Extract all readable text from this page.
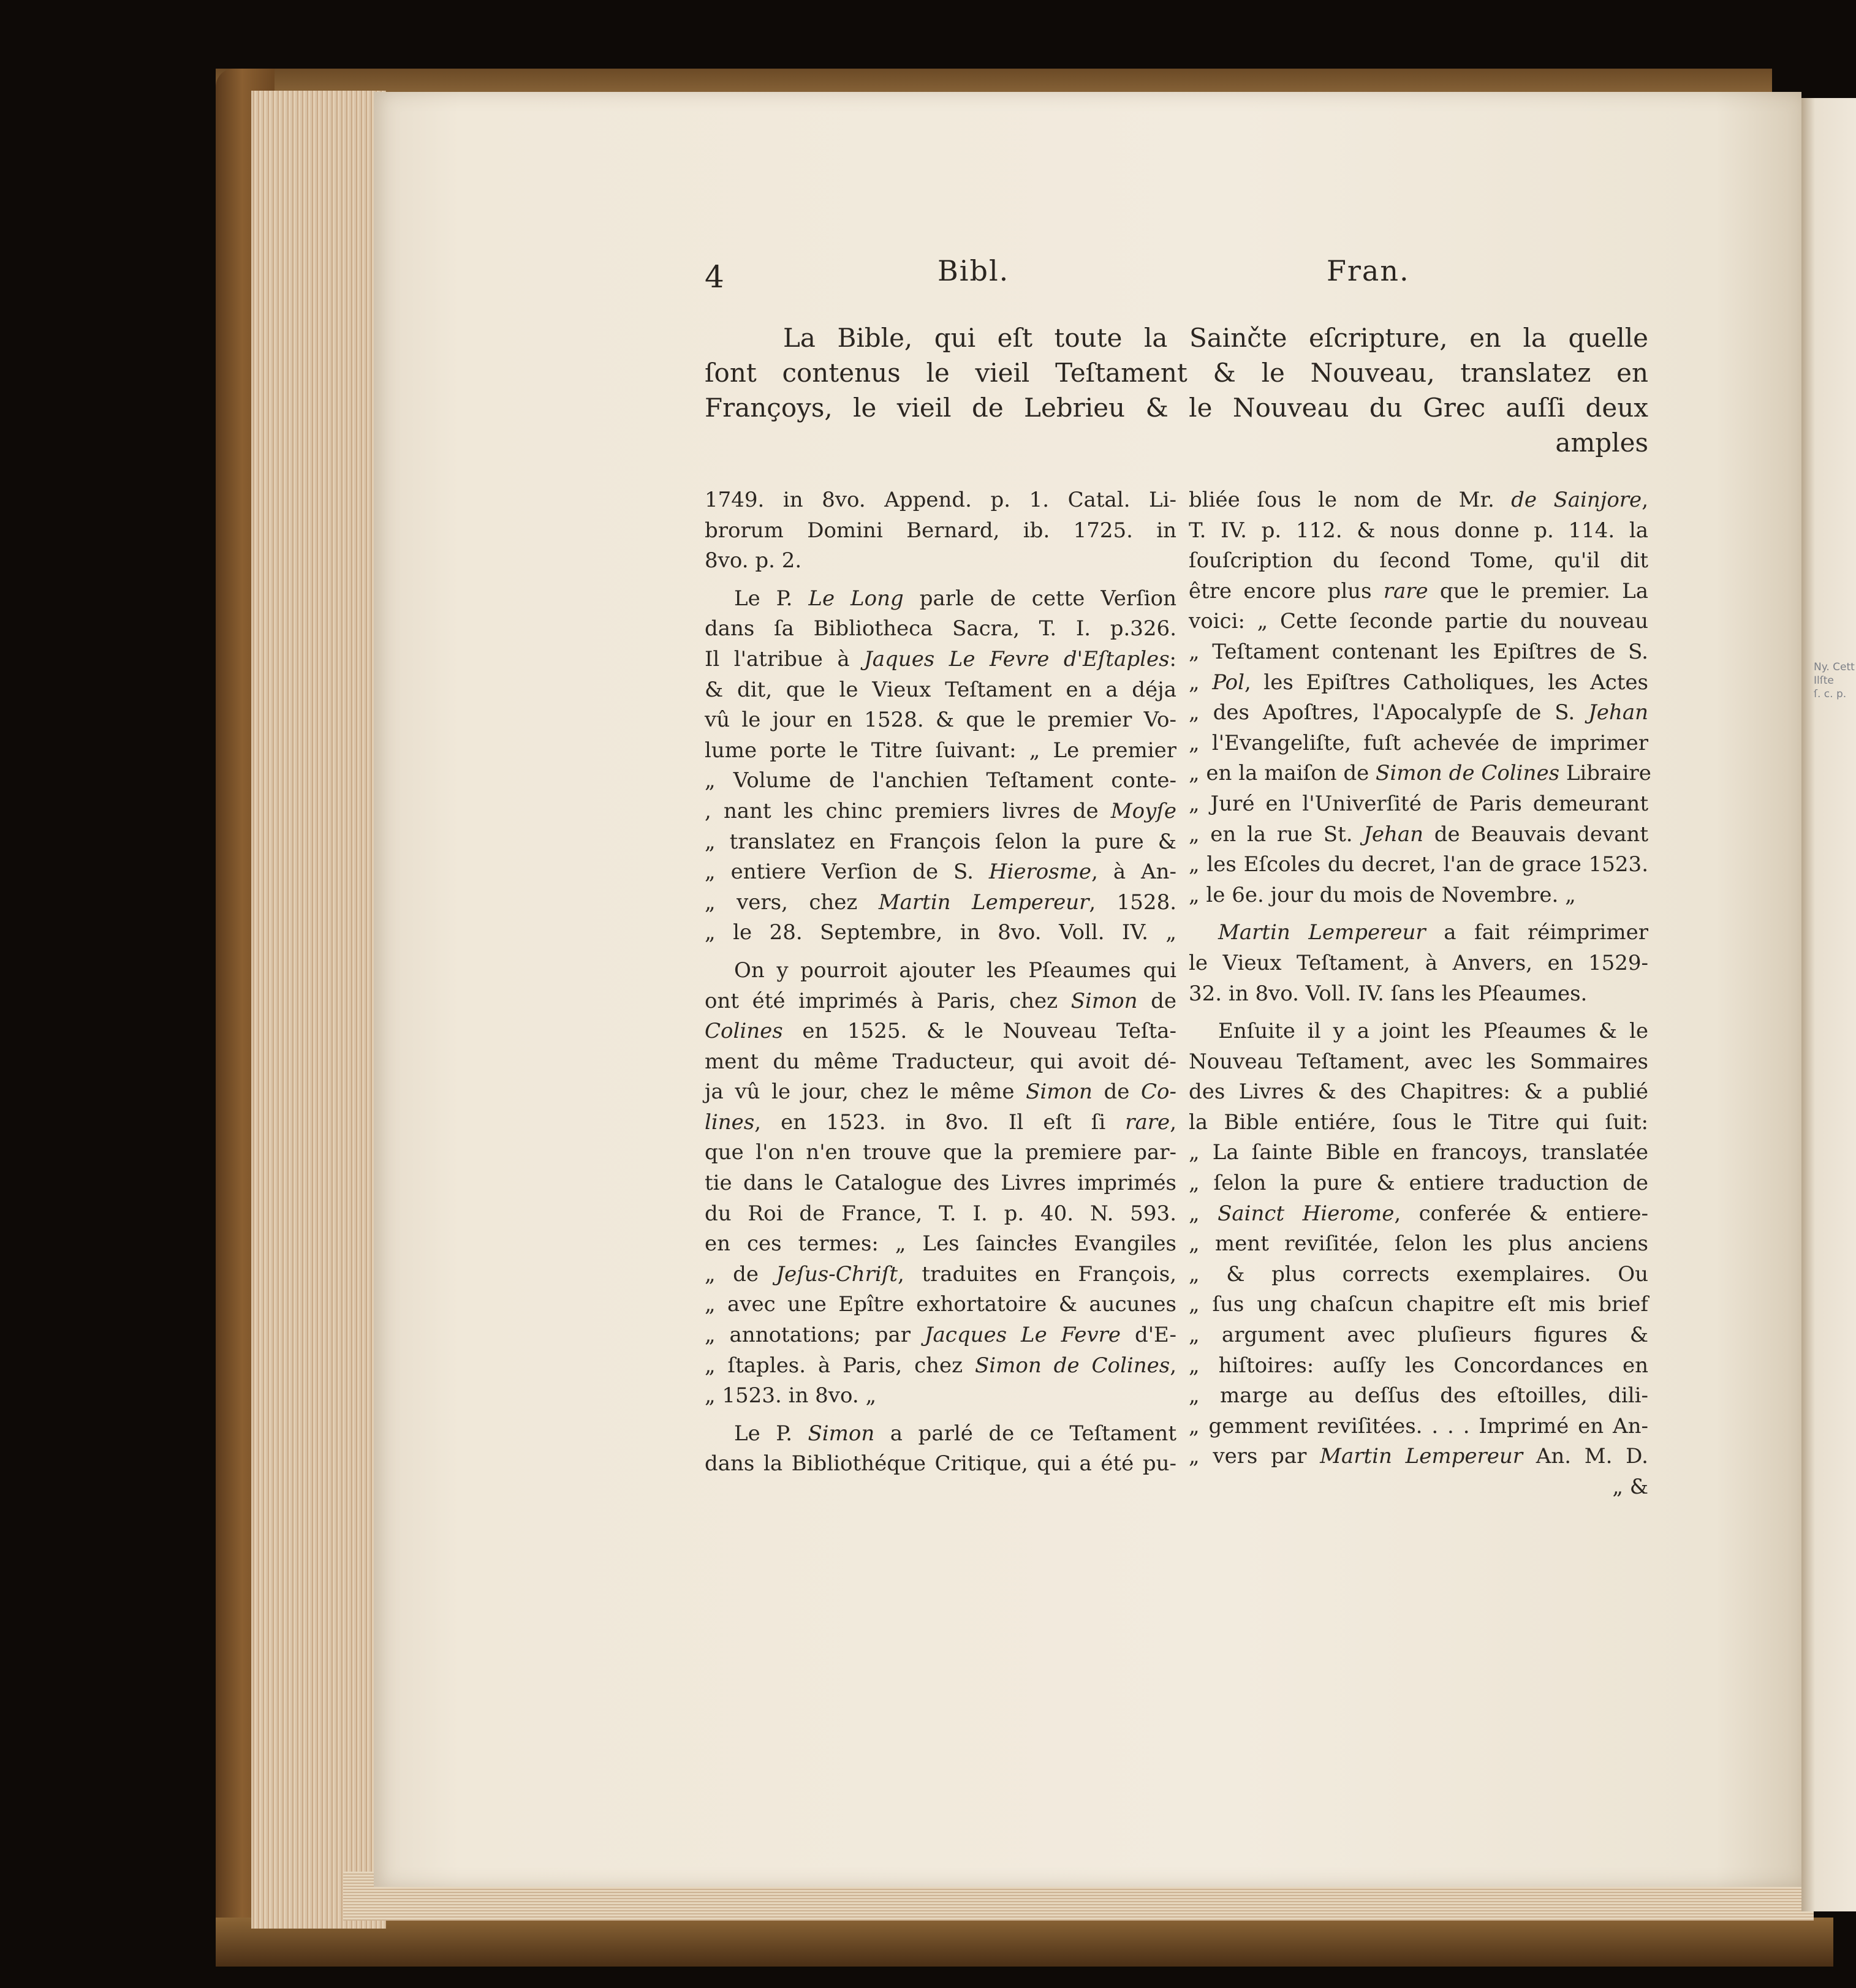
Ny. Cett
Ilſte
ſ. c. p.
4	Bibl.	Fran.
La Bible, qui eſt toute la Sainčte eſcripture, en la quelle
ſont contenus le vieil Teſtament & le Nouveau, translatez en
Françoys, le vieil de Lebrieu & le Nouveau du Grec auſſi deux
amples
1749. in 8vo. Append. p. 1. Catal. Li-
brorum Domini Bernard, ib. 1725. in
8vo. p. 2.
Le P. Le Long parle de cette Verſion
dans ſa Bibliotheca Sacra, T. I. p.326.
Il l'atribue à Jaques Le Fevre d'Eſtaples:
& dit, que le Vieux Teſtament en a déja
vû le jour en 1528. & que le premier Vo-
lume porte le Titre ſuivant: „ Le premier
„ Volume de l'anchien Teſtament conte-
, nant les chinc premiers livres de Moyſe
„ translatez en François ſelon la pure &
„ entiere Verſion de S. Hierosme, à An-
„ vers, chez Martin Lempereur, 1528.
„ le 28. Septembre, in 8vo. Voll. IV. „
On y pourroit ajouter les Pſeaumes qui
ont été imprimés à Paris, chez Simon de
Colines en 1525. & le Nouveau Teſta-
ment du même Traducteur, qui avoit dé-
ja vû le jour, chez le même Simon de Co-
lines, en 1523. in 8vo. Il eſt ſi rare,
que l'on n'en trouve que la premiere par-
tie dans le Catalogue des Livres imprimés
du Roi de France, T. I. p. 40. N. 593.
en ces termes: „ Les ſaincłes Evangiles
„ de Jeſus-Chriſt, traduites en François,
„ avec une Epître exhortatoire & aucunes
„ annotations; par Jacques Le Fevre d'E-
„ ſtaples. à Paris, chez Simon de Colines,
„ 1523. in 8vo. „
Le P. Simon a parlé de ce Teſtament
dans la Bibliothéque Critique, qui a été pu-
bliée ſous le nom de Mr. de Sainjore,
T. IV. p. 112. & nous donne p. 114. la
ſouſcription du ſecond Tome, qu'il dit
être encore plus rare que le premier. La
voici: „ Cette ſeconde partie du nouveau
„ Teſtament contenant les Epiſtres de S.
„ Pol, les Epiſtres Catholiques, les Actes
„ des Apoſtres, l'Apocalypſe de S. Jehan
„ l'Evangeliſte, fuſt achevée de imprimer
„ en la maiſon de Simon de Colines Libraire
„ Juré en l'Univerſité de Paris demeurant
„ en la rue St. Jehan de Beauvais devant
„ les Eſcoles du decret, l'an de grace 1523.
„ le 6e. jour du mois de Novembre. „
Martin Lempereur a fait réimprimer
le Vieux Teſtament, à Anvers, en 1529-
32. in 8vo. Voll. IV. ſans les Pſeaumes.
Enſuite il y a joint les Pſeaumes & le
Nouveau Teſtament, avec les Sommaires
des Livres & des Chapitres: & a publié
la Bible entiére, ſous le Titre qui ſuit:
„ La ſainte Bible en francoys, translatée
„ ſelon la pure & entiere traduction de
„ Sainct Hierome, conferée & entiere-
„ ment reviſitée, ſelon les plus anciens
„ & plus corrects exemplaires. Ou
„ ſus ung chaſcun chapitre eſt mis brief
„ argument avec pluſieurs figures &
„ hiſtoires: auſſy les Concordances en
„ marge au deſſus des eſtoilles, dili-
„ gemment reviſitées. . . . Imprimé en An-
„ vers par Martin Lempereur An. M. D.
„ &
